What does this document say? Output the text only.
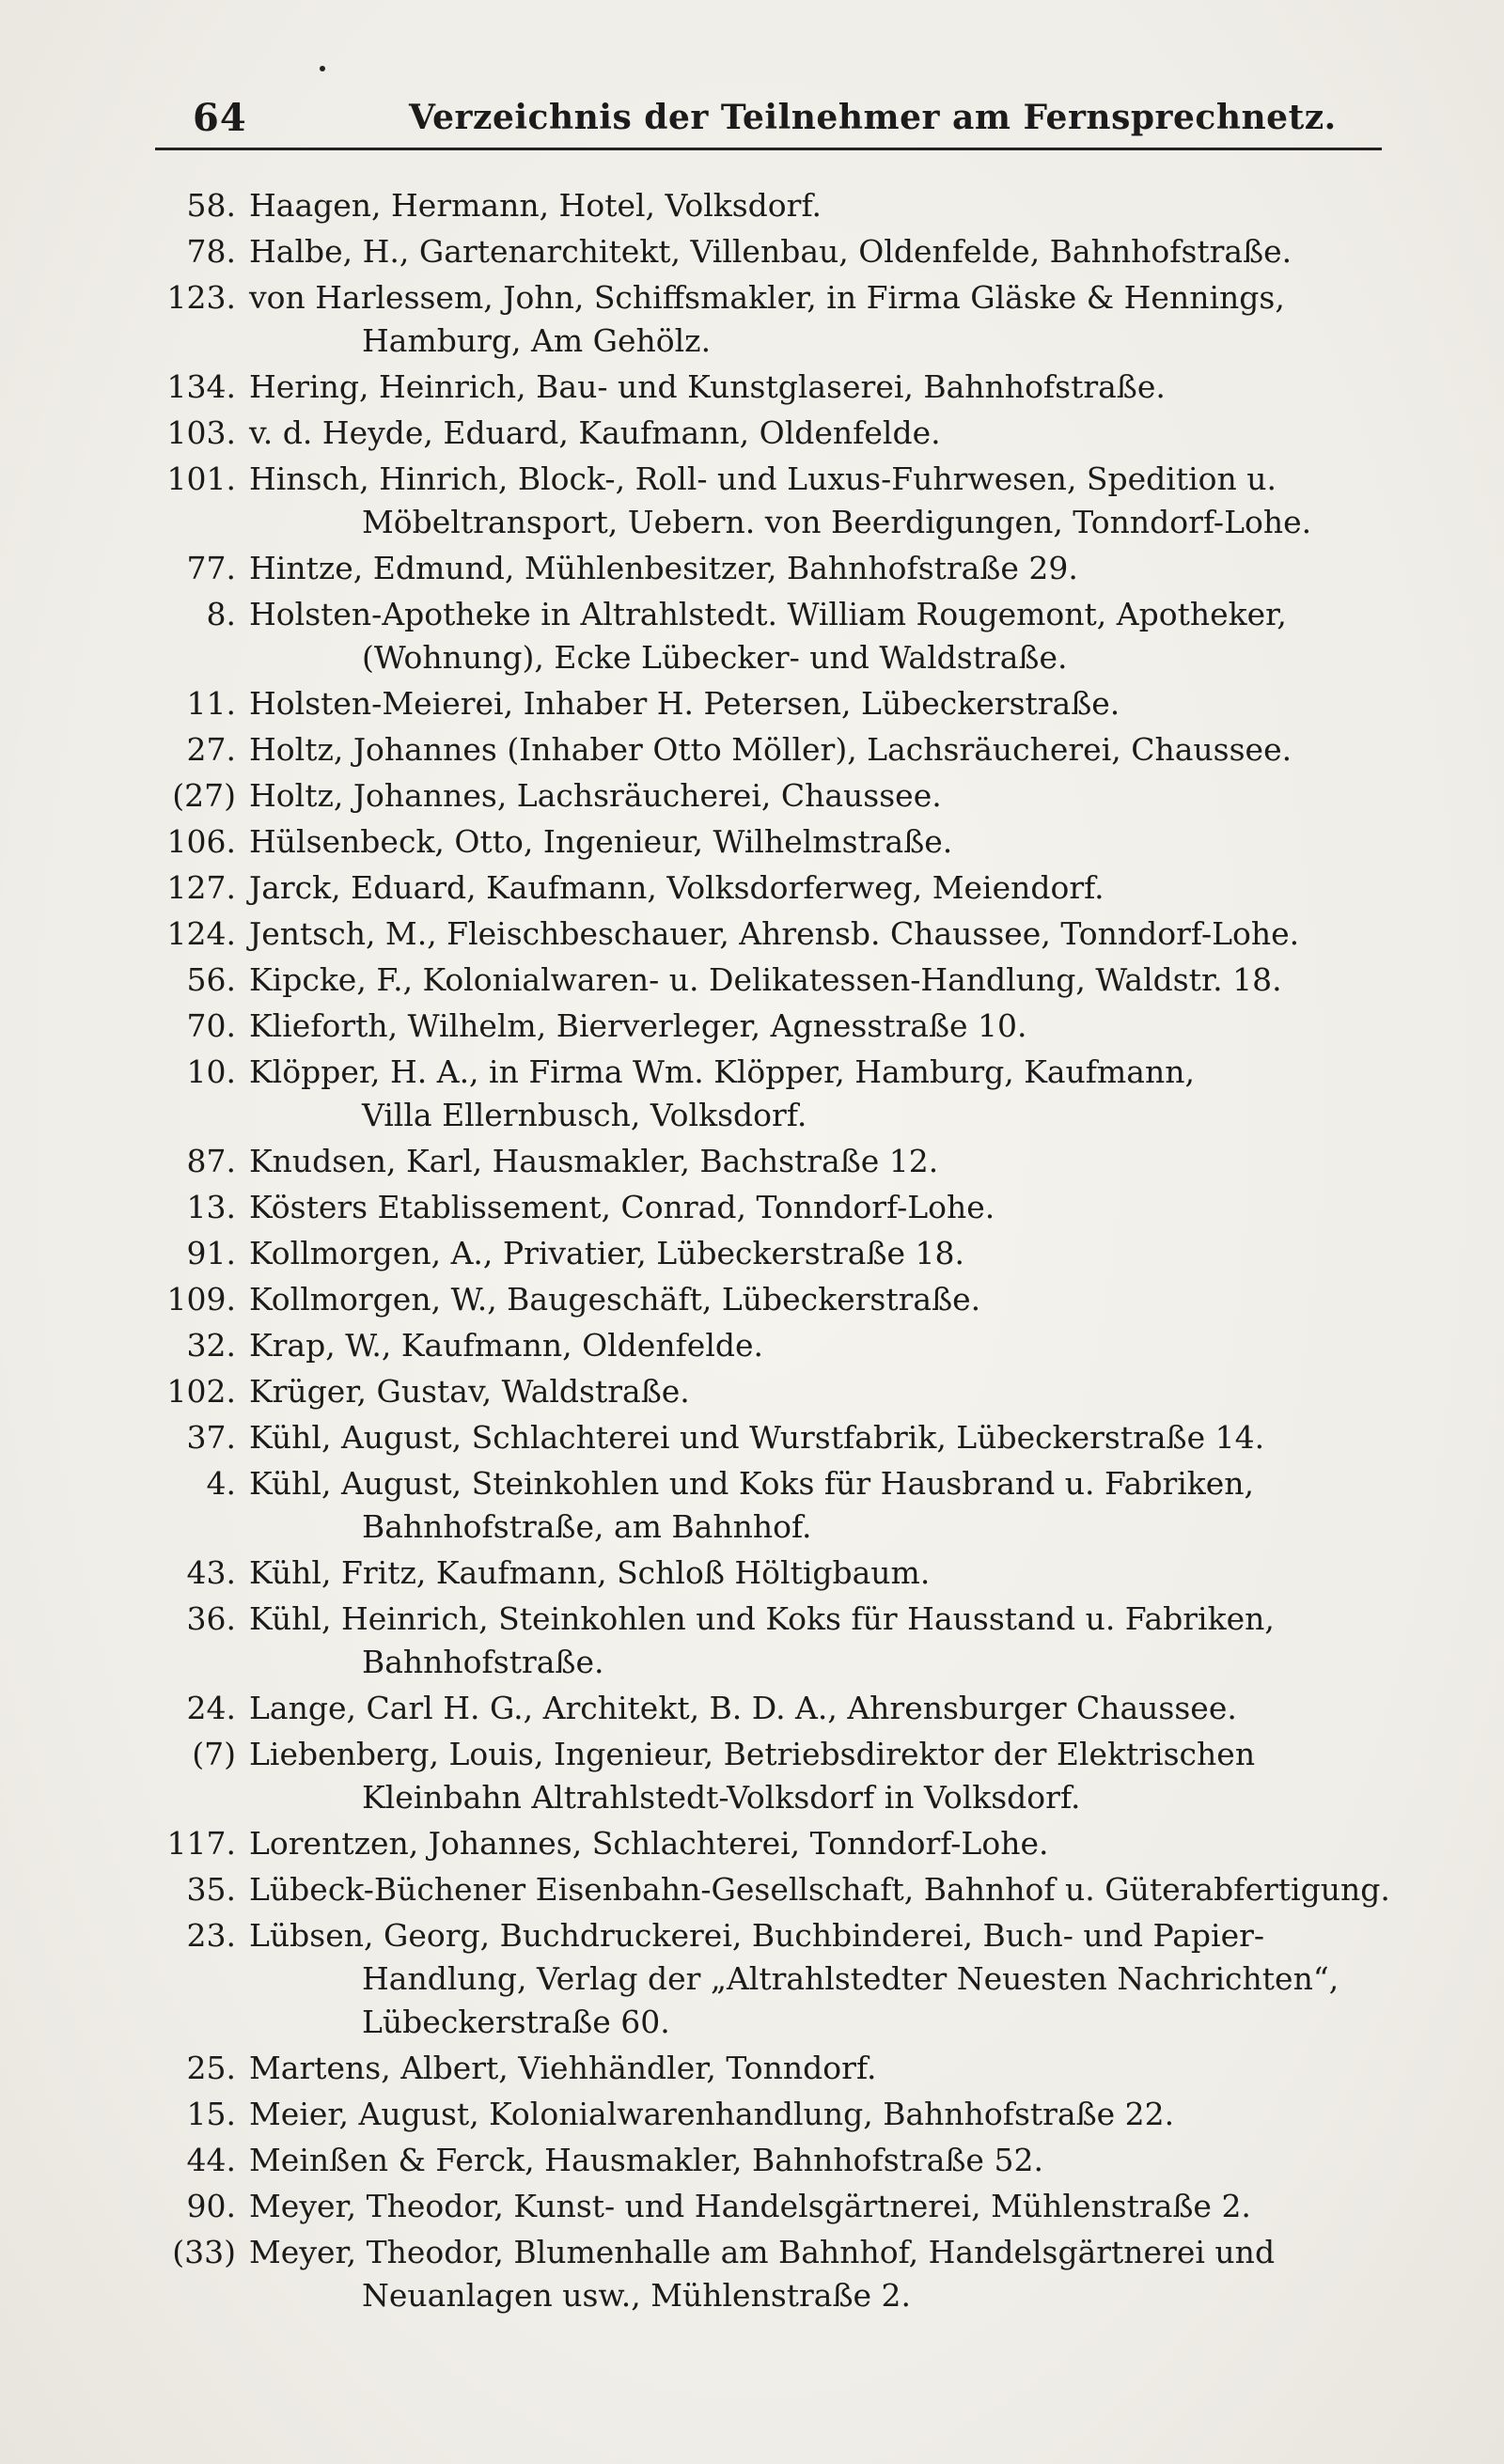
64	Verzeichnis der Teilnehmer am Fernsprechnetz.
58. Haagen, Hermann, Hotel, Volksdorf.
78. Halbe, H., Gartenarchitekt, Villenbau, Oldenfelde, Bahnhofstraße.
123. von Harlessem, John, Schiffsmakler, in Firma Gläske & Hennings,
Hamburg, Am Gehölz.
134. Hering, Heinrich, Bau- und Kunstglaserei, Bahnhofstraße.
103. v. d. Heyde, Eduard, Kaufmann, Oldenfelde.
101. Hinsch, Hinrich, Block-, Roll- und Luxus-Fuhrwesen, Spedition u.
Möbeltransport, Uebern. von Beerdigungen, Tonndorf-Lohe.
77. Hintze, Edmund, Mühlenbesitzer, Bahnhofstraße 29.
8. Holsten-Apotheke in Altrahlstedt. William Rougemont, Apotheker,
(Wohnung), Ecke Lübecker- und Waldstraße.
11. Holsten-Meierei, Inhaber H. Petersen, Lübeckerstraße.
27. Holtz, Johannes (Inhaber Otto Möller), Lachsräucherei, Chaussee.
(27) Holtz, Johannes, Lachsräucherei, Chaussee.
106. Hülsenbeck, Otto, Ingenieur, Wilhelmstraße.
127. Jarck, Eduard, Kaufmann, Volksdorferweg, Meiendorf.
124. Jentsch, M., Fleischbeschauer, Ahrensb. Chaussee, Tonndorf-Lohe.
56. Kipcke, F., Kolonialwaren- u. Delikatessen-Handlung, Waldstr. 18.
70. Klieforth, Wilhelm, Bierverleger, Agnesstraße 10.
10. Klöpper, H. A., in Firma Wm. Klöpper, Hamburg, Kaufmann,
Villa Ellernbusch, Volksdorf.
87. Knudsen, Karl, Hausmakler, Bachstraße 12.
13. Kösters Etablissement, Conrad, Tonndorf-Lohe.
91. Kollmorgen, A., Privatier, Lübeckerstraße 18.
109. Kollmorgen, W., Baugeschäft, Lübeckerstraße.
32. Krap, W., Kaufmann, Oldenfelde.
102. Krüger, Gustav, Waldstraße.
37. Kühl, August, Schlachterei und Wurstfabrik, Lübeckerstraße 14.
4. Kühl, August, Steinkohlen und Koks für Hausbrand u. Fabriken,
Bahnhofstraße, am Bahnhof.
43. Kühl, Fritz, Kaufmann, Schloß Höltigbaum.
36. Kühl, Heinrich, Steinkohlen und Koks für Hausstand u. Fabriken,
Bahnhofstraße.
24. Lange, Carl H. G., Architekt, B. D. A., Ahrensburger Chaussee.
(7) Liebenberg, Louis, Ingenieur, Betriebsdirektor der Elektrischen
Kleinbahn Altrahlstedt-Volksdorf in Volksdorf.
117. Lorentzen, Johannes, Schlachterei, Tonndorf-Lohe.
35. Lübeck-Büchener Eisenbahn-Gesellschaft, Bahnhof u. Güterabfertigung.
23. Lübsen, Georg, Buchdruckerei, Buchbinderei, Buch- und Papier-
Handlung, Verlag der „Altrahlstedter Neuesten Nachrichten“,
Lübeckerstraße 60.
25. Martens, Albert, Viehhändler, Tonndorf.
15. Meier, August, Kolonialwarenhandlung, Bahnhofstraße 22.
44. Meinßen & Ferck, Hausmakler, Bahnhofstraße 52.
90. Meyer, Theodor, Kunst- und Handelsgärtnerei, Mühlenstraße 2.
(33) Meyer, Theodor, Blumenhalle am Bahnhof, Handelsgärtnerei und
Neuanlagen usw., Mühlenstraße 2.
